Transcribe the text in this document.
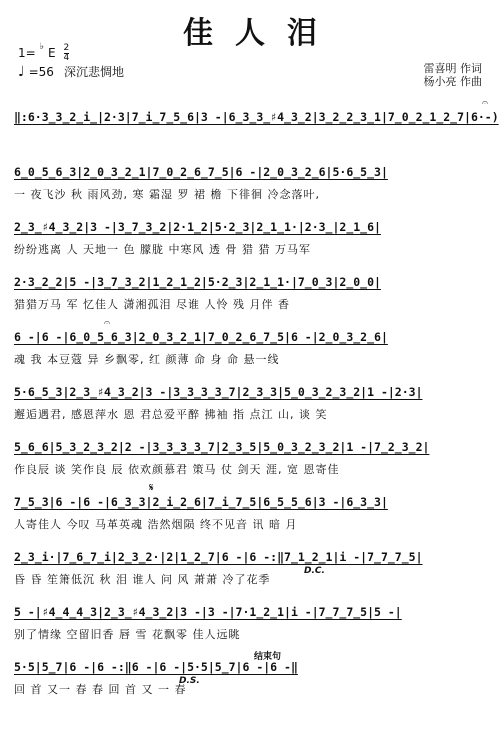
佳人泪
1= ♭ E 2
4
♩ =56 深沉悲惆地	雷喜明 作词
杨小亮 作曲
‖:6·3̲3̲2̲i̲|2·3|7̲i̲7̲5̲6|3 -|6̲3̲3̲♯4̲3̲2|3̲2̲2̲3̲1|7̲0̲2̲1̲2̲7|6·-)
𝄐
6̲0̲5̲6̲3|2̲0̲3̲2̲1|7̲0̲2̲6̲7̲5|6 -|2̲0̲3̲2̲6|5·6̲5̲3|
一 夜飞沙 秋 雨风劲, 寒 霜湿 罗 裙 檐 下徘徊 冷念落叶,
2̲3̲♯4̲3̲2|3 -|3̲7̲3̲2|2·1̲2|5·2̲3|2̲1̲1·|2·3̲|2̲1̲6|
纷纷逃离 人 天地一 色 朦胧 中寒风 透 骨 猎 猎 万马军
2·3̲2̲2|5 -|3̲7̲3̲2|1̲2̲1̲2|5·2̲3|2̲1̲1·|7̲0̲3|2̲0̲0|
猎猎万马 军 忆佳人 潇湘孤泪 尽谁 人怜 残 月伴 香
𝄐
6 -|6 -|6̲0̲5̲6̲3|2̲0̲3̲2̲1|7̲0̲2̲6̲7̲5|6 -|2̲0̲3̲2̲6|
魂 我 本豆蔻 异 乡飘零, 红 颜薄 命 身 命 悬一线
5·6̲5̲3|2̲3̲♯4̲3̲2|3 -|3̲3̲3̲3̲7|2̲3̲3|5̲0̲3̲2̲3̲2|1 -|2·3|
邂逅遇君, 感恩萍水 恩 君总爱平醉 拂袖 指 点江 山, 谈 笑
5̲6̲6|5̲3̲2̲3̲2|2 -|3̲3̲3̲3̲7|2̲3̲5|5̲0̲3̲2̲3̲2|1 -|7̲2̲3̲2|
作良辰 谈 笑作良 辰 依欢颜慕君 策马 仗 剑天 涯, 宽 恩寄佳
𝄋
7̲5̲3|6 -|6 -|6̲3̲3|2̲i̲2̲6|7̲i̲7̲5|6̲5̲5̲6|3 -|6̲3̲3|
人寄佳人 今叹 马革英魂 浩然烟陨 终不见音 讯 暗 月
2̲3̲i·|7̲6̲7̲i|2̲3̲2·|2|1̲2̲7|6 -|6 -:‖7̲1̲2̲1|i -|7̲7̲7̲5|
D.C.
昏 昏 笙箫低沉 秋 泪 谁人 问 风 萧萧 冷了花季
5 -|♯4̲4̲4̲3|2̲3̲♯4̲3̲2|3 -|3 -|7·1̲2̲1|i -|7̲7̲7̲5|5 -|
别了情缘 空留旧香 唇 雪 花飘零 佳人远眺
结束句
5·5|5̲7|6 -|6 -:‖6 -|6 -|5·5|5̲7|6 -|6 -‖
D.S.
回 首 又一 春 春 回 首 又 一 春
